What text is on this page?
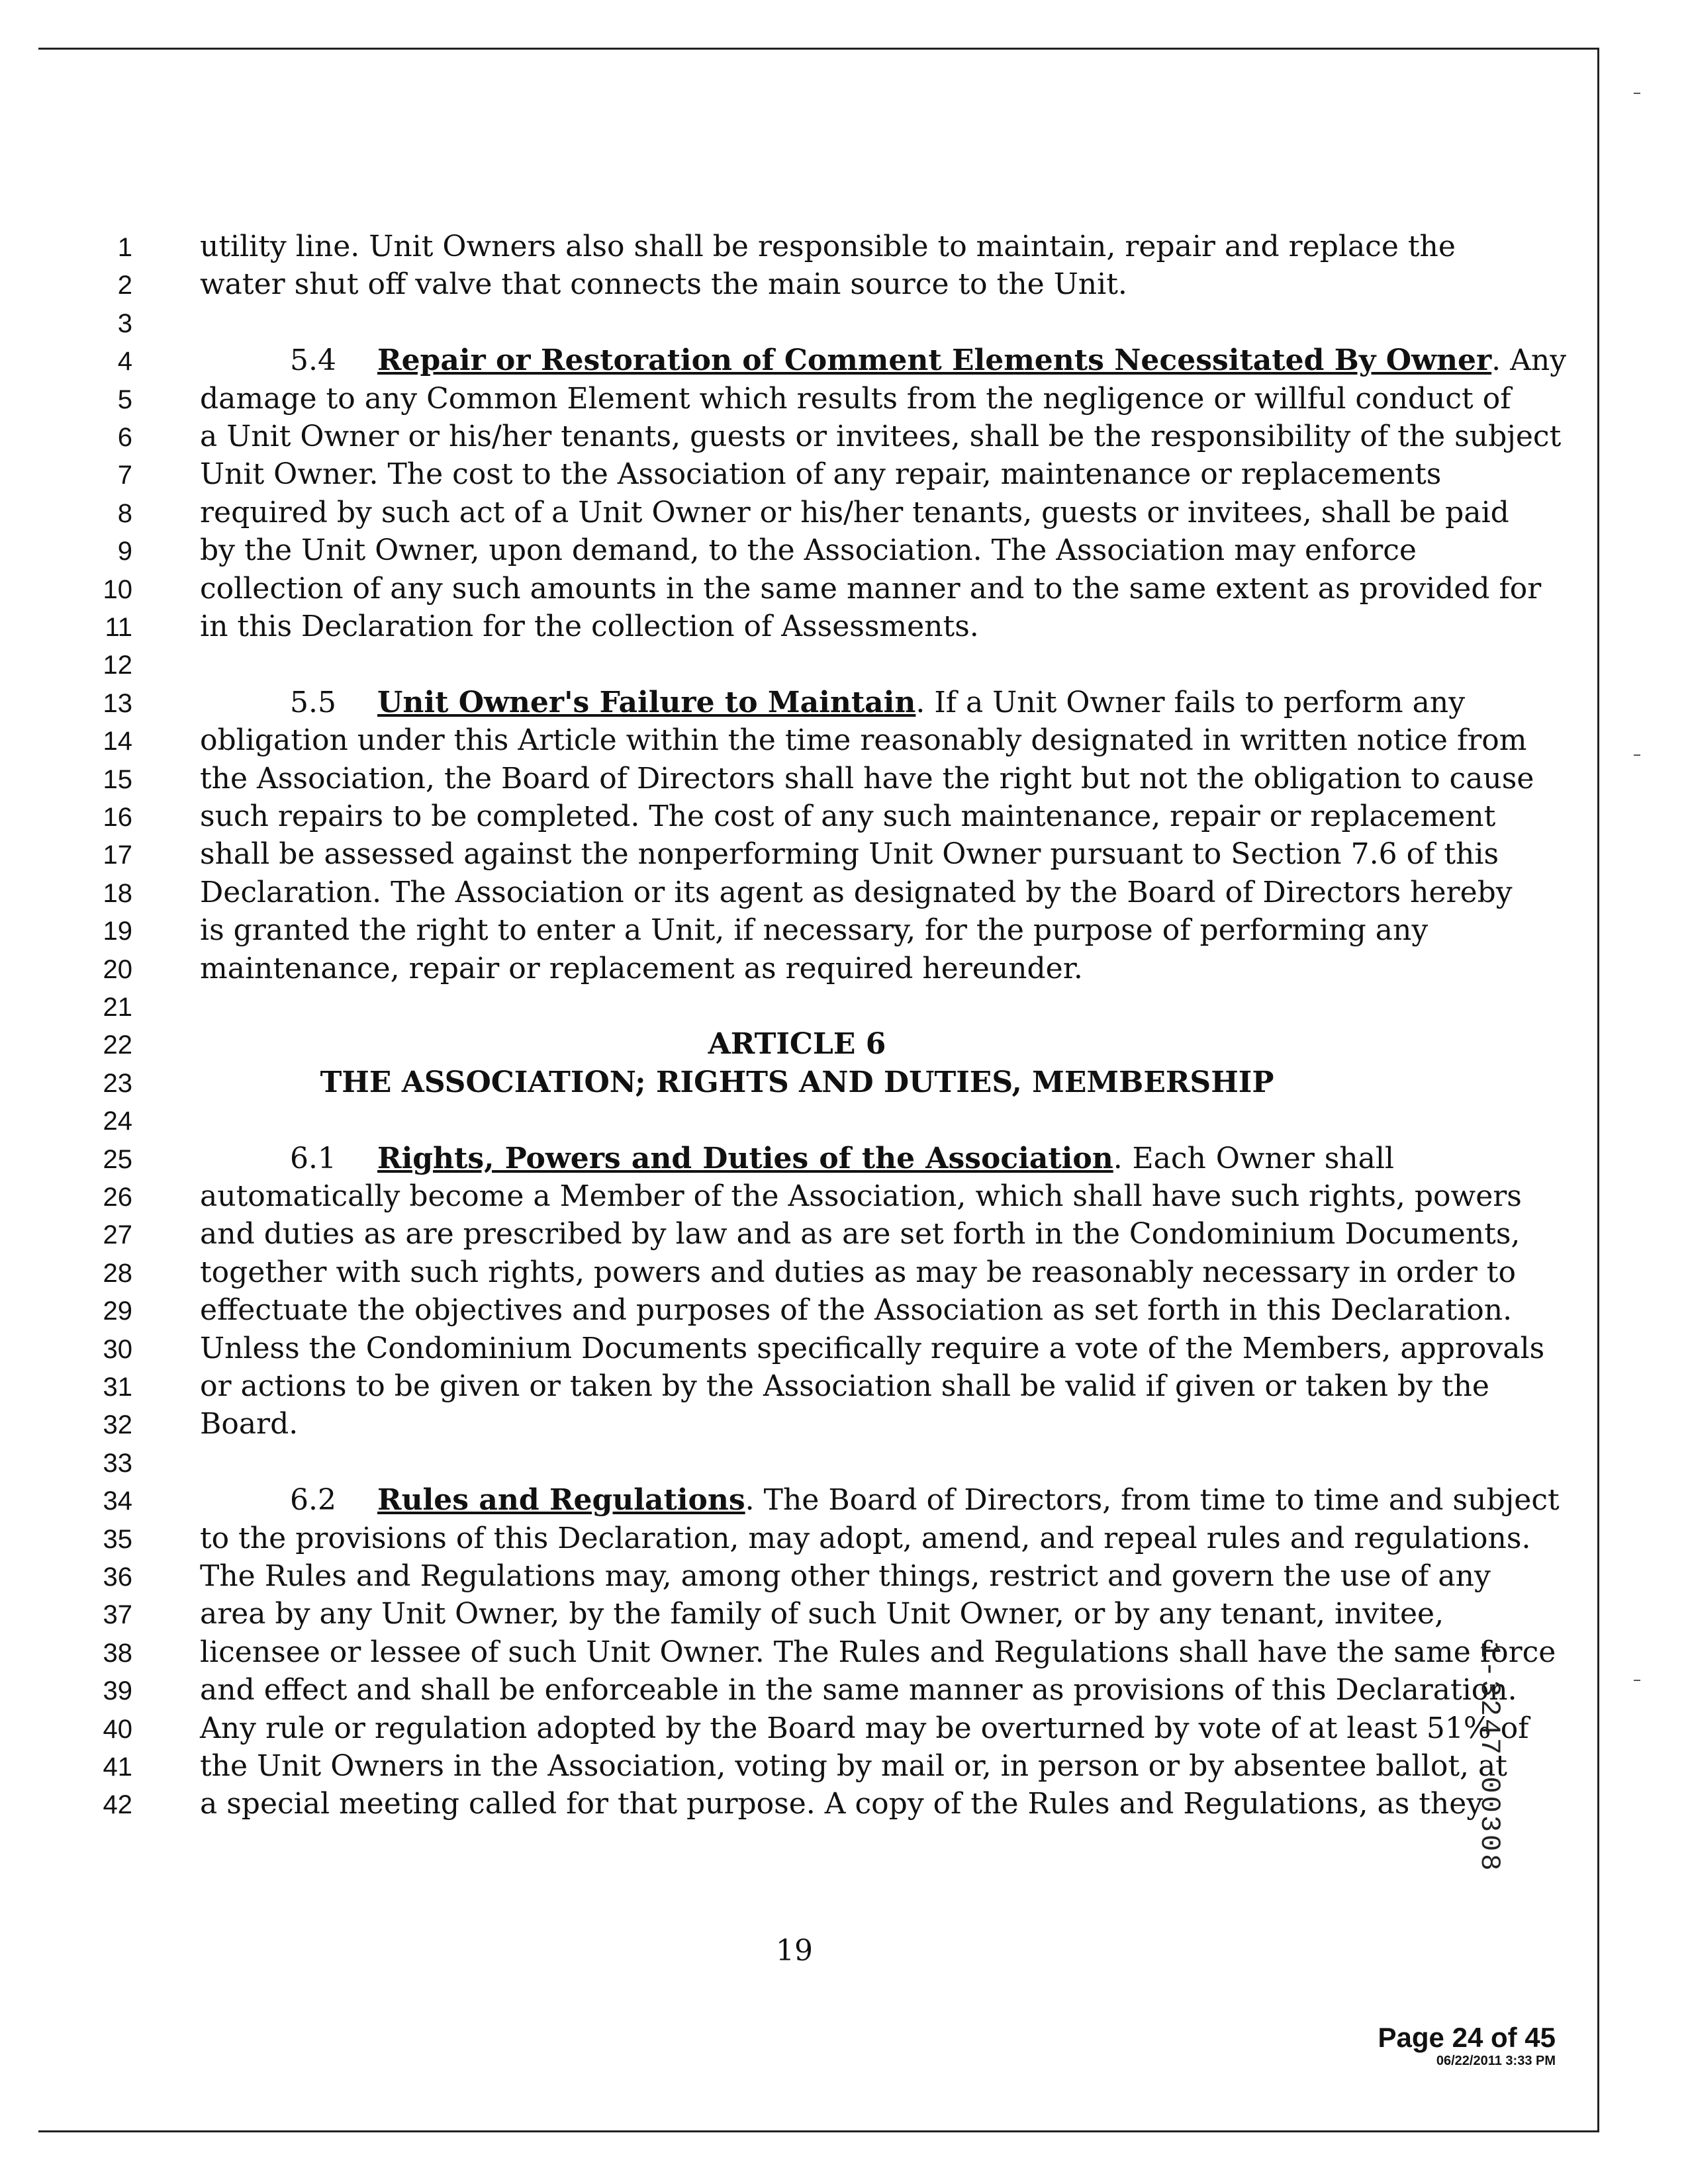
1 utility line. Unit Owners also shall be responsible to maintain, repair and replace the
2 water shut off valve that connects the main source to the Unit.
3
4	5.4 Repair or Restoration of Comment Elements Necessitated By Owner. Any
5 damage to any Common Element which results from the negligence or willful conduct of
6 a Unit Owner or his/her tenants, guests or invitees, shall be the responsibility of the subject
7 Unit Owner. The cost to the Association of any repair, maintenance or replacements
8 required by such act of a Unit Owner or his/her tenants, guests or invitees, shall be paid
9 by the Unit Owner, upon demand, to the Association. The Association may enforce
10 collection of any such amounts in the same manner and to the same extent as provided for
11 in this Declaration for the collection of Assessments.
12
13	5.5 Unit Owner's Failure to Maintain. If a Unit Owner fails to perform any
14 obligation under this Article within the time reasonably designated in written notice from
15 the Association, the Board of Directors shall have the right but not the obligation to cause
16 such repairs to be completed. The cost of any such maintenance, repair or replacement
17 shall be assessed against the nonperforming Unit Owner pursuant to Section 7.6 of this
18 Declaration. The Association or its agent as designated by the Board of Directors hereby
19 is granted the right to enter a Unit, if necessary, for the purpose of performing any
20 maintenance, repair or replacement as required hereunder.
21
22	ARTICLE 6
23	THE ASSOCIATION; RIGHTS AND DUTIES, MEMBERSHIP
24
25	6.1 Rights, Powers and Duties of the Association. Each Owner shall
26 automatically become a Member of the Association, which shall have such rights, powers
27 and duties as are prescribed by law and as are set forth in the Condominium Documents,
28 together with such rights, powers and duties as may be reasonably necessary in order to
29 effectuate the objectives and purposes of the Association as set forth in this Declaration.
30 Unless the Condominium Documents specifically require a vote of the Members, approvals
31 or actions to be given or taken by the Association shall be valid if given or taken by the
32 Board.
33
34	6.2 Rules and Regulations. The Board of Directors, from time to time and subject
35 to the provisions of this Declaration, may adopt, amend, and repeal rules and regulations.
36 The Rules and Regulations may, among other things, restrict and govern the use of any
37 area by any Unit Owner, by the family of such Unit Owner, or by any tenant, invitee,
38 licensee or lessee of such Unit Owner. The Rules and Regulations shall have the same force
39 and effect and shall be enforceable in the same manner as provisions of this Declaration.
40 Any rule or regulation adopted by the Board may be overturned by vote of at least 51% of
41 the Unit Owners in the Association, voting by mail or, in person or by absentee ballot, at
42 a special meeting called for that purpose. A copy of the Rules and Regulations, as they
19
Page 24 of 45
06/22/2011 3:33 PM
1-3247 00308
